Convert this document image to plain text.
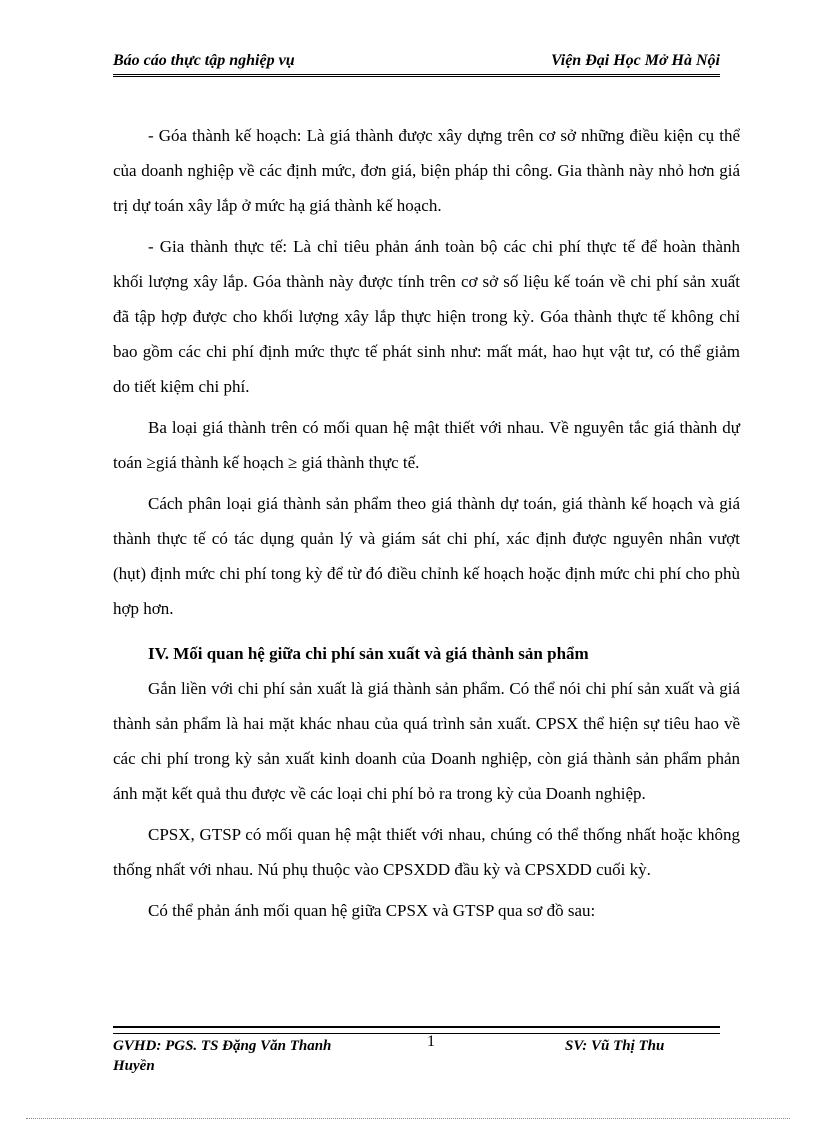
Báo cáo thực tập nghiệp vụ	Viện Đại Học Mở Hà Nội

- Góa thành kế hoạch: Là giá thành được xây dựng trên cơ sở những điều kiện cụ thể của doanh nghiệp về các định mức, đơn giá, biện pháp thi công. Gia thành này nhỏ hơn giá trị dự toán xây lắp ở mức hạ giá thành kế hoạch.

- Gia thành thực tế: Là chỉ tiêu phản ánh toàn bộ các chi phí thực tế để hoàn thành khối lượng xây lắp. Góa thành này được tính trên cơ sở số liệu kế toán về chi phí sản xuất đã tập hợp được cho khối lượng xây lắp thực hiện trong kỳ. Góa thành thực tế không chỉ bao gồm các chi phí định mức thực tế phát sinh như: mất mát, hao hụt vật tư, có thể giảm do tiết kiệm chi phí.

Ba loại giá thành trên có mối quan hệ mật thiết với nhau. Về nguyên tắc giá thành dự toán ≥giá thành kế hoạch ≥ giá thành thực tế.

Cách phân loại giá thành sản phẩm theo giá thành dự toán, giá thành kế hoạch và giá thành thực tế có tác dụng quản lý và giám sát chi phí, xác định được nguyên nhân vượt (hụt) định mức chi phí tong kỳ để từ đó điều chỉnh kế hoạch hoặc định mức chi phí cho phù hợp hơn.

IV. Mối quan hệ giữa chi phí sản xuất và giá thành sản phẩm

Gắn liền với chi phí sản xuất là giá thành sản phẩm. Có thể nói chi phí sản xuất và giá thành sản phẩm là hai mặt khác nhau của quá trình sản xuất. CPSX thể hiện sự tiêu hao về các chi phí trong kỳ sản xuất kinh doanh của Doanh nghiệp, còn giá thành sản phẩm phản ánh mặt kết quả thu được về các loại chi phí bỏ ra trong kỳ của Doanh nghiệp.

CPSX, GTSP có mối quan hệ mật thiết với nhau, chúng có thể thống nhất hoặc không thống nhất với nhau. Nú phụ thuộc vào CPSXDD đầu kỳ và CPSXDD cuối kỳ.

Có thể phản ánh mối quan hệ giữa CPSX và GTSP qua sơ đồ sau:

GVHD: PGS. TS Đặng Văn Thanh Huyền
1	SV: Vũ Thị Thu
